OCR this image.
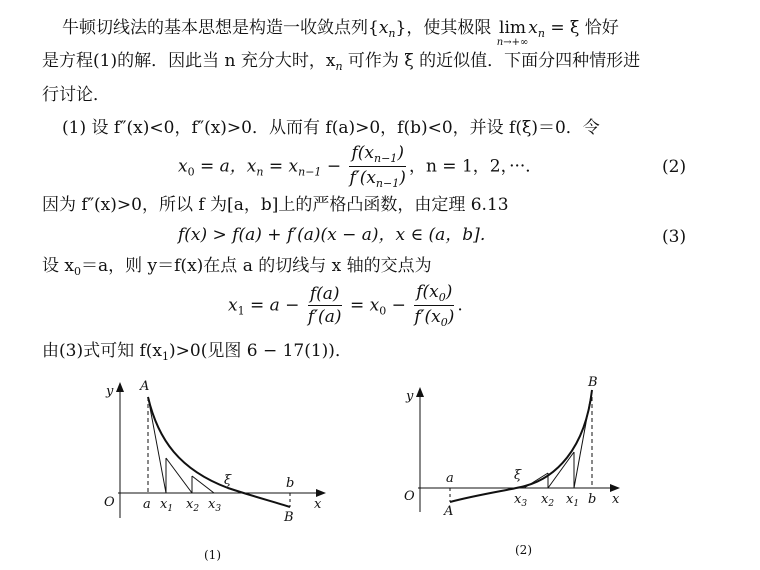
牛顿切线法的基本思想是构造一收敛点列$\{x_n\}$，使其极限 lim
n→+∞
$x_n = \xi$ 恰好
是方程(1)的解．因此当 n 充分大时，$x_n$ 可作为 ξ 的近似值．下面分四种情形进
行讨论．
(1) 设 f″(x)<0，f″(x)>0．从而有 f(a)>0，f(b)<0，并设 f(ξ)＝0．令
$x_0 = a$，$x_n = x_{n-1} - \frac{f(x_{n-1})}{f'(x_{n-1})}$ ，n = 1，2，···．	(2)
因为 f″(x)>0，所以 f 为[a，b]上的严格凸函数，由定理 6.13
f(x) > f(a) + f′(a)(x − a)，x ∈ (a，b]．	(3)
设 $x_0=a$，则 y＝f(x)在点 a 的切线与 x 轴的交点为
$x_1 = a - \frac{f(a)}{f'(a)} = x_0 - \frac{f(x_0)}{f'(x_0)}$ .
由(3)式可知 $f(x_1)>0$(见图 6 − 17(1))．
y A
O a $x_1$ $x_2$ $x_3$
ξ	b
B
x
(1)
y
B
O
a
A
ξ
$x_3$ $x_2$ $x_1$ b x
(2)
